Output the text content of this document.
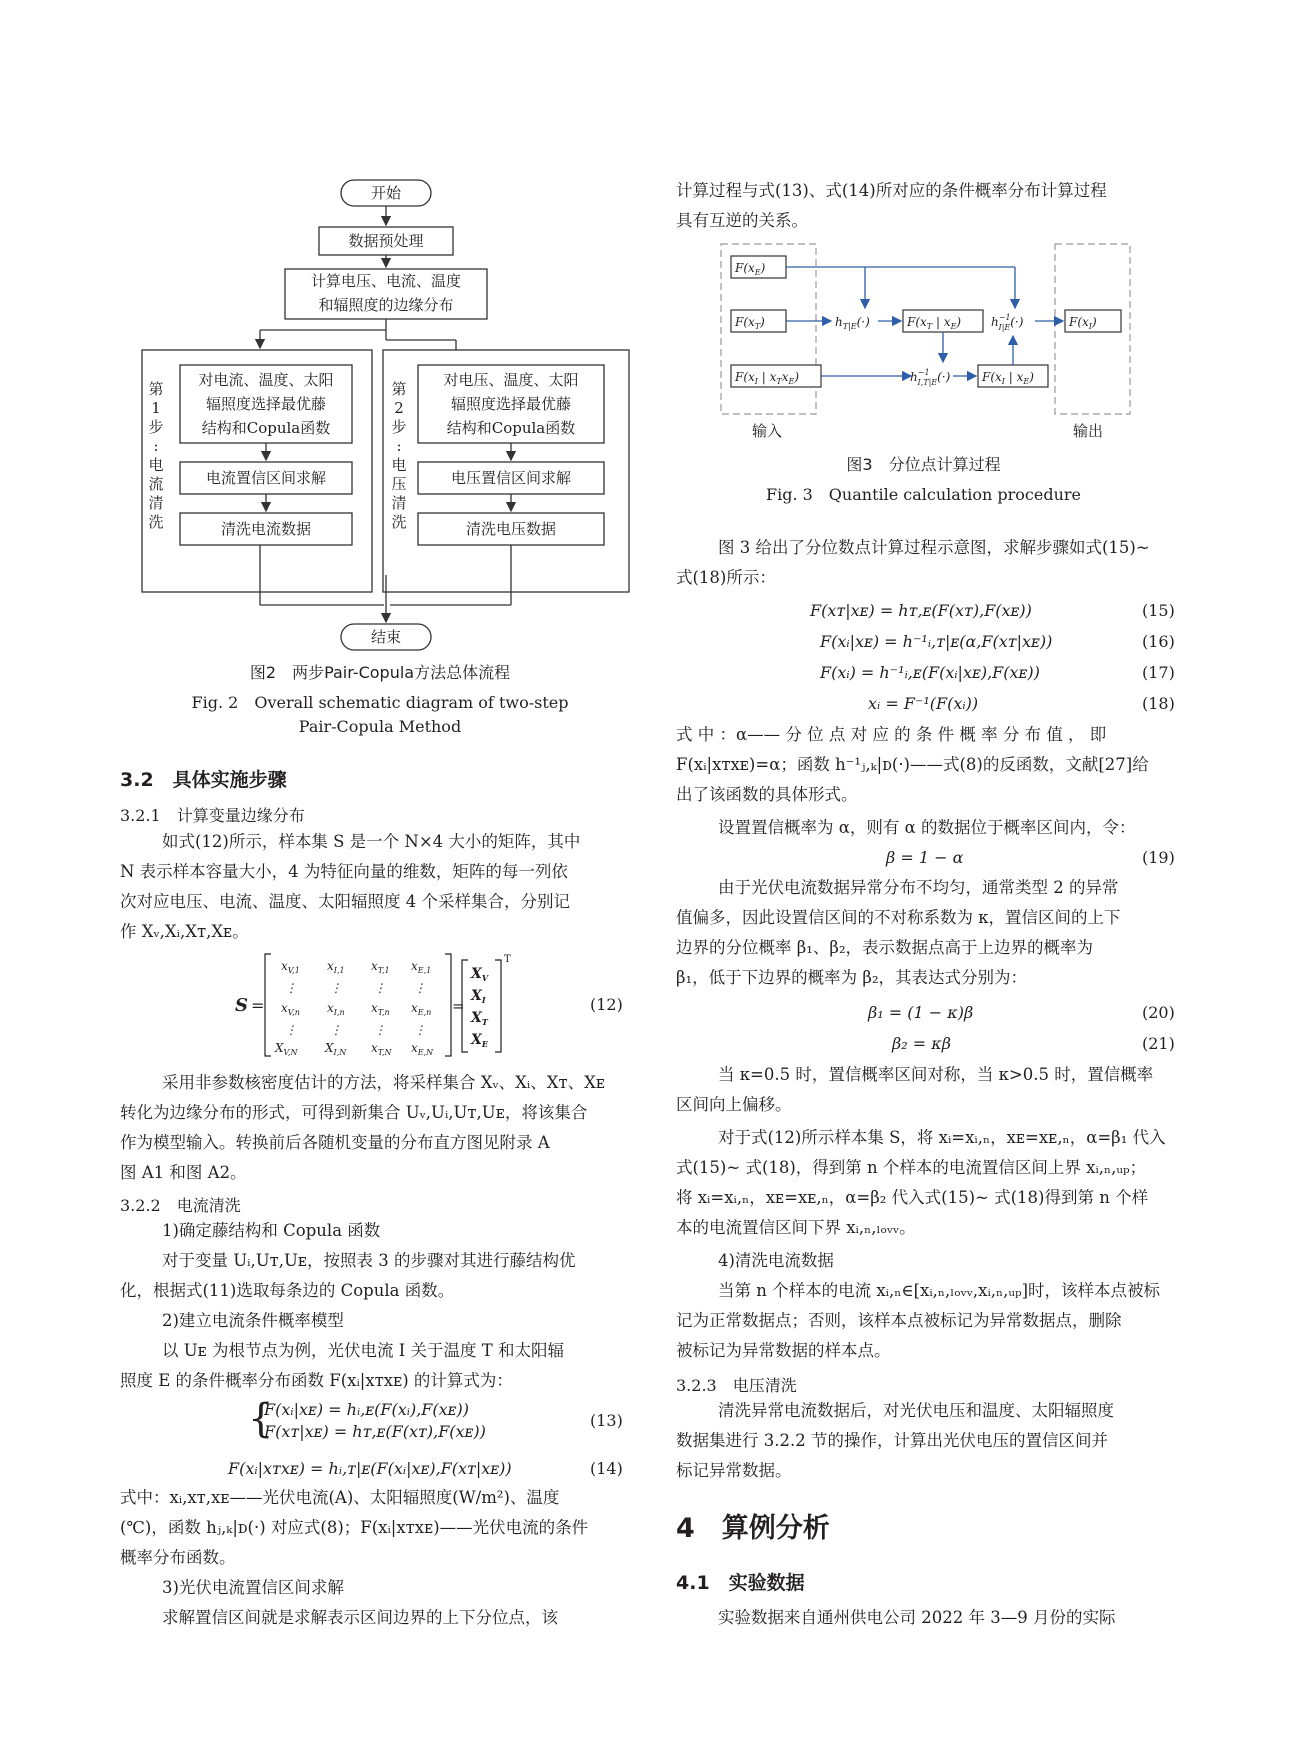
开始
数据预处理
计算电压、电流、温度
和辐照度的边缘分布
第
1
步
:
电
流
清
洗
对电流、温度、太阳
辐照度选择最优藤
结构和Copula函数
电流置信区间求解
清洗电流数据
第
2
步
:
电
压
清
洗
对电压、温度、太阳
辐照度选择最优藤
结构和Copula函数
电压置信区间求解
清洗电压数据
结束
图2　两步Pair-Copula方法总体流程
Fig. 2　Overall schematic diagram of two-step
Pair-Copula Method
3.2　具体实施步骤
3.2.1　计算变量边缘分布
如式(12)所示，样本集 S 是一个 N×4 大小的矩阵，其中
N 表示样本容量大小，4 为特征向量的维数，矩阵的每一列依
次对应电压、电流、温度、太阳辐照度 4 个采样集合，分别记
作 Xᵥ,Xᵢ,Xᴛ,Xᴇ。
S =
$x_{V,1}$ $x_{I,1}$ $x_{T,1}$ $x_{E,1}$
⋮	⋮	⋮ ⋮
$x_{V,n}$ $x_{I,n}$ $x_{T,n}$ $x_{E,n}$
⋮	⋮	⋮ ⋮
$X_{V,N}$ $X_{I,N}$ $x_{T,N}$ $x_{E,N}$
=
$X_V$
$X_I$
$X_T$
$X_E$
T
(12)
采用非参数核密度估计的方法，将采样集合 Xᵥ、Xᵢ、Xᴛ、Xᴇ
转化为边缘分布的形式，可得到新集合 Uᵥ,Uᵢ,Uᴛ,Uᴇ，将该集合
作为模型输入。转换前后各随机变量的分布直方图见附录 A
图 A1 和图 A2。
3.2.2　电流清洗
1)确定藤结构和 Copula 函数
对于变量 Uᵢ,Uᴛ,Uᴇ，按照表 3 的步骤对其进行藤结构优
化，根据式(11)选取每条边的 Copula 函数。
2)建立电流条件概率模型
以 Uᴇ 为根节点为例，光伏电流 I 关于温度 T 和太阳辐
照度 E 的条件概率分布函数 F(xᵢ|xᴛxᴇ) 的计算式为：
{
F(xᵢ|xᴇ) = hᵢ,ᴇ(F(xᵢ),F(xᴇ))
F(xᴛ|xᴇ) = hᴛ,ᴇ(F(xᴛ),F(xᴇ))
(13)
F(xᵢ|xᴛxᴇ) = hᵢ,ᴛ|ᴇ(F(xᵢ|xᴇ),F(xᴛ|xᴇ))	(14)
式中：xᵢ,xᴛ,xᴇ——光伏电流(A)、太阳辐照度(W/m²)、温度
(℃)，函数 hⱼ,ₖ|ᴅ(·) 对应式(8)；F(xᵢ|xᴛxᴇ)——光伏电流的条件
概率分布函数。
3)光伏电流置信区间求解
求解置信区间就是求解表示区间边界的上下分位点，该
计算过程与式(13)、式(14)所对应的条件概率分布计算过程
具有互逆的关系。
$F(x_E)$
$F(x_T)$
$F(x_I$ | $x_Tx_E$)
$h_{T|E}(\cdot)$	$F(x_T$ | $x_E$) $h^{-1}$ I|E(·)
$h^{-1}$ I,T|E(·)	$F(x_I$ | $x_E$)
$F(x_I)$
输入	输出
图3　分位点计算过程
Fig. 3　Quantile calculation procedure
图 3 给出了分位数点计算过程示意图，求解步骤如式(15)~
式(18)所示：
F(xᴛ|xᴇ) = hᴛ,ᴇ(F(xᴛ),F(xᴇ))	(15)
F(xᵢ|xᴇ) = h⁻¹ᵢ,ᴛ|ᴇ(α,F(xᴛ|xᴇ))	(16)
F(xᵢ) = h⁻¹ᵢ,ᴇ(F(xᵢ|xᴇ),F(xᴇ))	(17)
xᵢ = F⁻¹(F(xᵢ))	(18)
式 中 ：α—— 分 位 点 对 应 的 条 件 概 率 分 布 值 ， 即
F(xᵢ|xᴛxᴇ)=α；函数 h⁻¹ⱼ,ₖ|ᴅ(·)——式(8)的反函数，文献[27]给
出了该函数的具体形式。
设置置信概率为 α，则有 α 的数据位于概率区间内，令：
β = 1 − α	(19)
由于光伏电流数据异常分布不均匀，通常类型 2 的异常
值偏多，因此设置信区间的不对称系数为 κ，置信区间的上下
边界的分位概率 β₁、β₂，表示数据点高于上边界的概率为
β₁，低于下边界的概率为 β₂，其表达式分别为：
β₁ = (1 − κ)β	(20)
β₂ = κβ	(21)
当 κ=0.5 时，置信概率区间对称，当 κ>0.5 时，置信概率
区间向上偏移。
对于式(12)所示样本集 S，将 xᵢ=xᵢ,ₙ，xᴇ=xᴇ,ₙ，α=β₁ 代入
式(15)~ 式(18)，得到第 n 个样本的电流置信区间上界 xᵢ,ₙ,ᵤₚ；
将 xᵢ=xᵢ,ₙ，xᴇ=xᴇ,ₙ，α=β₂ 代入式(15)~ 式(18)得到第 n 个样
本的电流置信区间下界 xᵢ,ₙ,ₗₒᵥᵥ。
4)清洗电流数据
当第 n 个样本的电流 xᵢ,ₙ∈[xᵢ,ₙ,ₗₒᵥᵥ,xᵢ,ₙ,ᵤₚ]时，该样本点被标
记为正常数据点；否则，该样本点被标记为异常数据点，删除
被标记为异常数据的样本点。
3.2.3　电压清洗
清洗异常电流数据后，对光伏电压和温度、太阳辐照度
数据集进行 3.2.2 节的操作，计算出光伏电压的置信区间并
标记异常数据。
4　算例分析
4.1　实验数据
实验数据来自通州供电公司 2022 年 3—9 月份的实际
